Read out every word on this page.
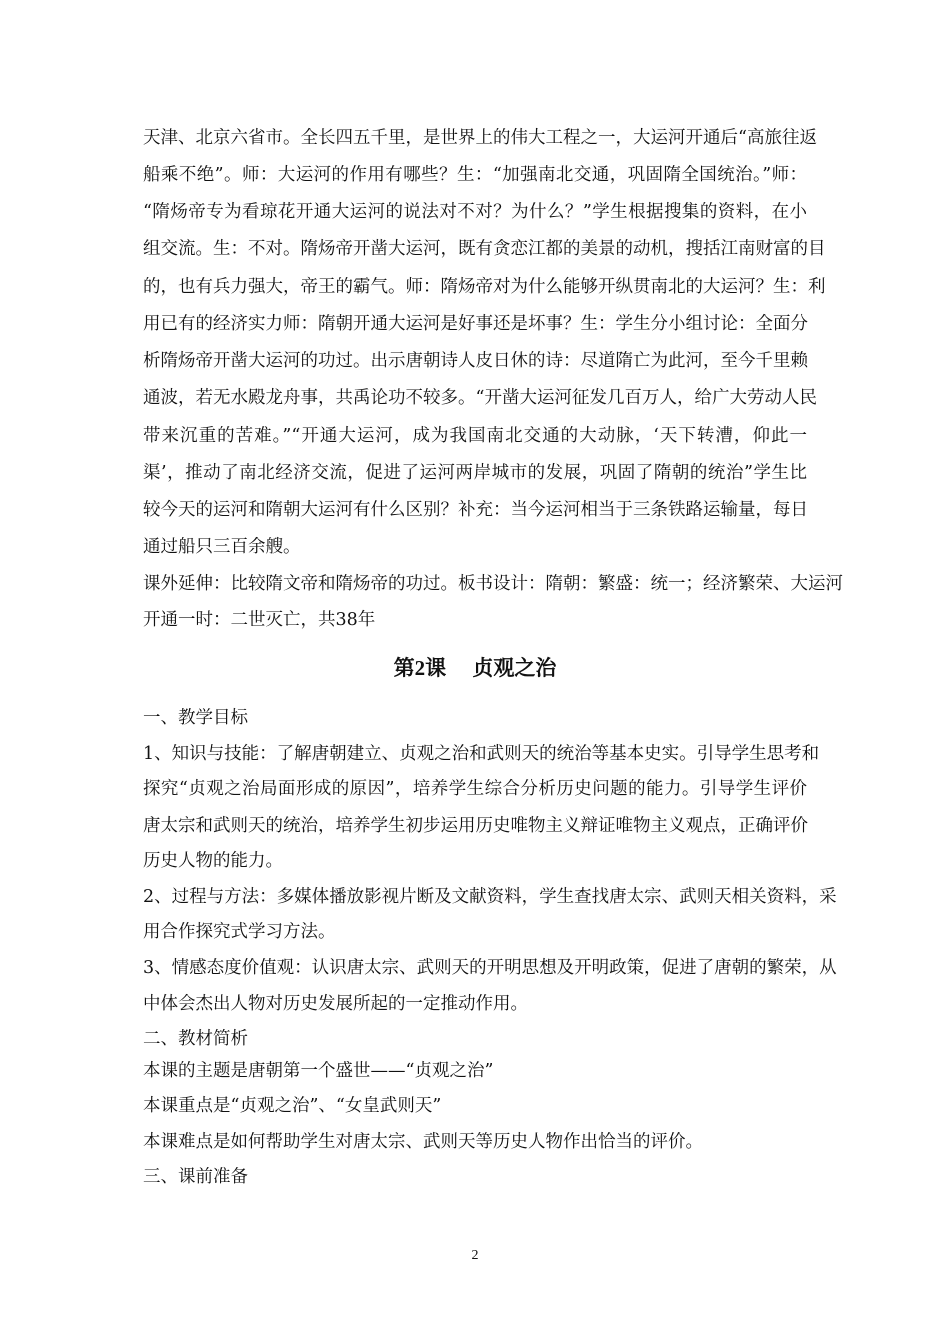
天津、北京六省市。全长四五千里，是世界上的伟大工程之一，大运河开通后“高旅往返
船乘不绝”。师：大运河的作用有哪些？生：“加强南北交通，巩固隋全国统治。”师：
“隋炀帝专为看琼花开通大运河的说法对不对？为什么？”学生根据搜集的资料，在小
组交流。生：不对。隋炀帝开凿大运河，既有贪恋江都的美景的动机，搜括江南财富的目
的，也有兵力强大，帝王的霸气。师：隋炀帝对为什么能够开纵贯南北的大运河？生：利
用已有的经济实力师：隋朝开通大运河是好事还是坏事？生：学生分小组讨论：全面分
析隋炀帝开凿大运河的功过。出示唐朝诗人皮日休的诗：尽道隋亡为此河，至今千里赖
通波，若无水殿龙舟事，共禹论功不较多。“开凿大运河征发几百万人，给广大劳动人民
带来沉重的苦难。”“开通大运河，成为我国南北交通的大动脉，‘天下转漕，仰此一
渠’，推动了南北经济交流，促进了运河两岸城市的发展，巩固了隋朝的统治”学生比
较今天的运河和隋朝大运河有什么区别？补充：当今运河相当于三条铁路运输量，每日
通过船只三百余艘。
课外延伸：比较隋文帝和隋炀帝的功过。板书设计：隋朝：繁盛：统一；经济繁荣、大运河
开通一时：二世灭亡，共38年
第2课　 贞观之治
一、教学目标
1、知识与技能：了解唐朝建立、贞观之治和武则天的统治等基本史实。引导学生思考和
探究“贞观之治局面形成的原因”，培养学生综合分析历史问题的能力。引导学生评价
唐太宗和武则天的统治，培养学生初步运用历史唯物主义辩证唯物主义观点，正确评价
历史人物的能力。
2、过程与方法：多媒体播放影视片断及文献资料，学生查找唐太宗、武则天相关资料，采
用合作探究式学习方法。
3、情感态度价值观：认识唐太宗、武则天的开明思想及开明政策，促进了唐朝的繁荣，从
中体会杰出人物对历史发展所起的一定推动作用。
二、教材简析
本课的主题是唐朝第一个盛世——“贞观之治”
本课重点是“贞观之治”、“女皇武则天”
本课难点是如何帮助学生对唐太宗、武则天等历史人物作出恰当的评价。
三、课前准备
2
